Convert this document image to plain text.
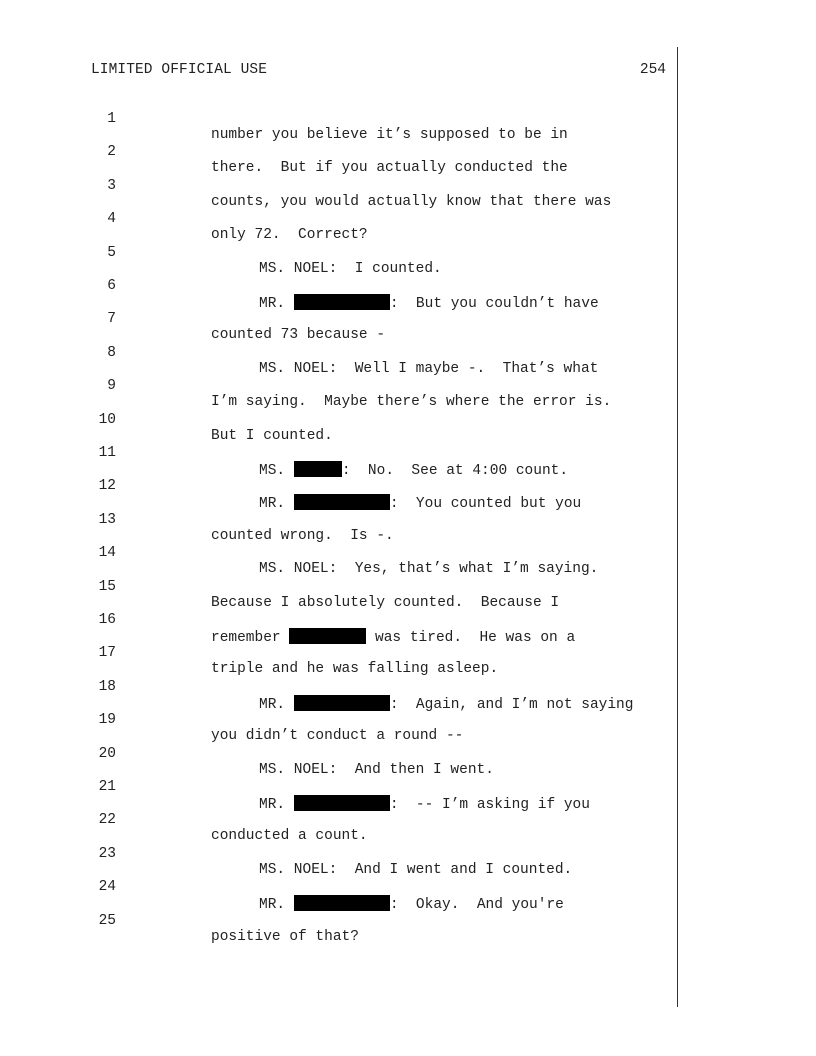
LIMITED OFFICIAL USE	254

1

number you believe it’s supposed to be in

2

there.  But if you actually conducted the

3

counts, you would actually know that there was

4

only 72.  Correct?

5

MS. NOEL:  I counted.

6

MR.	:  But you couldn’t have

7

counted 73 because -

8

MS. NOEL:  Well I maybe -.  That’s what

9

I’m saying.  Maybe there’s where the error is.

10

But I counted.

11

MS.	:  No.  See at 4:00 count.

12

MR.	:  You counted but you

13

counted wrong.  Is -.

14

MS. NOEL:  Yes, that’s what I’m saying.

15

Because I absolutely counted.  Because I

16

remember	was tired.  He was on a

17

triple and he was falling asleep.

18

MR.	:  Again, and I’m not saying

19

you didn’t conduct a round --

20

MS. NOEL:  And then I went.

21

MR.	:  -- I’m asking if you

22

conducted a count.

23

MS. NOEL:  And I went and I counted.

24

MR.	:  Okay.  And you're

25

positive of that?
